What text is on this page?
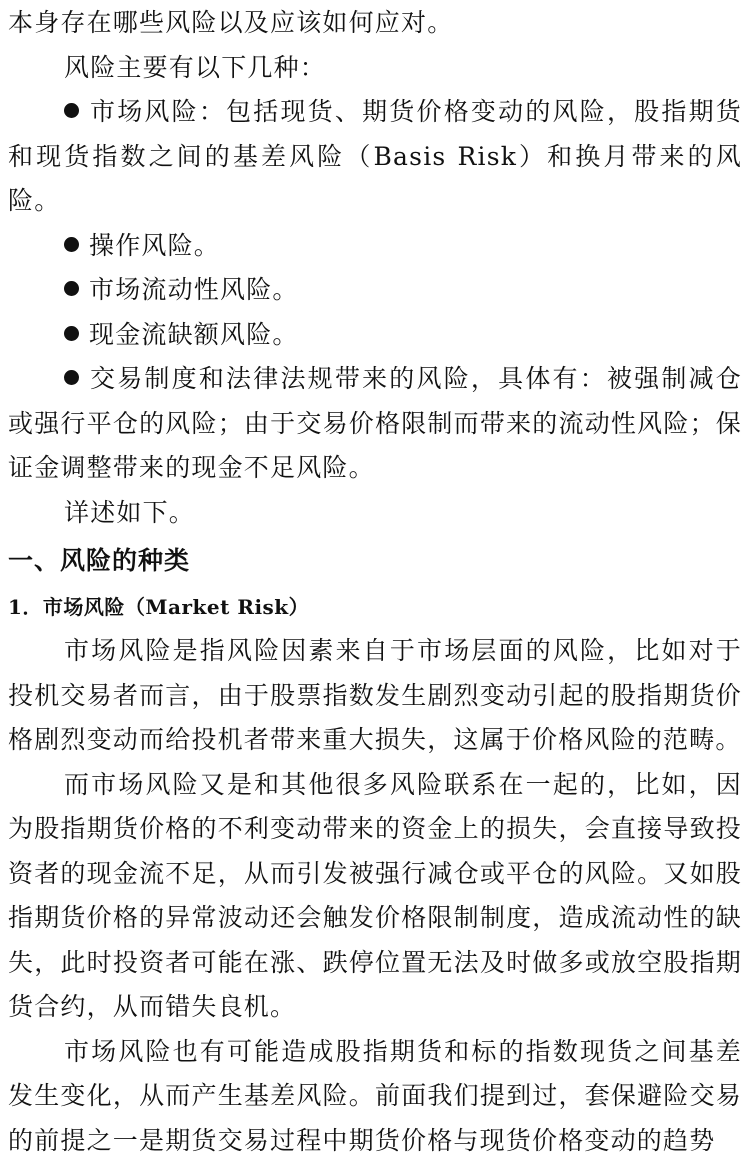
本身存在哪些风险以及应该如何应对。

风险主要有以下几种：

市场风险：包括现货、期货价格变动的风险，股指期货和现货指数之间的基差风险（Basis Risk）和换月带来的风险。

操作风险。

市场流动性风险。

现金流缺额风险。

交易制度和法律法规带来的风险，具体有：被强制减仓或强行平仓的风险；由于交易价格限制而带来的流动性风险；保证金调整带来的现金不足风险。

详述如下。

一、风险的种类
1．市场风险（Market Risk）

市场风险是指风险因素来自于市场层面的风险，比如对于投机交易者而言，由于股票指数发生剧烈变动引起的股指期货价格剧烈变动而给投机者带来重大损失，这属于价格风险的范畴。

而市场风险又是和其他很多风险联系在一起的，比如，因为股指期货价格的不利变动带来的资金上的损失，会直接导致投资者的现金流不足，从而引发被强行减仓或平仓的风险。又如股指期货价格的异常波动还会触发价格限制制度，造成流动性的缺失，此时投资者可能在涨、跌停位置无法及时做多或放空股指期货合约，从而错失良机。

市场风险也有可能造成股指期货和标的指数现货之间基差发生变化，从而产生基差风险。前面我们提到过，套保避险交易的前提之一是期货交易过程中期货价格与现货价格变动的趋势
